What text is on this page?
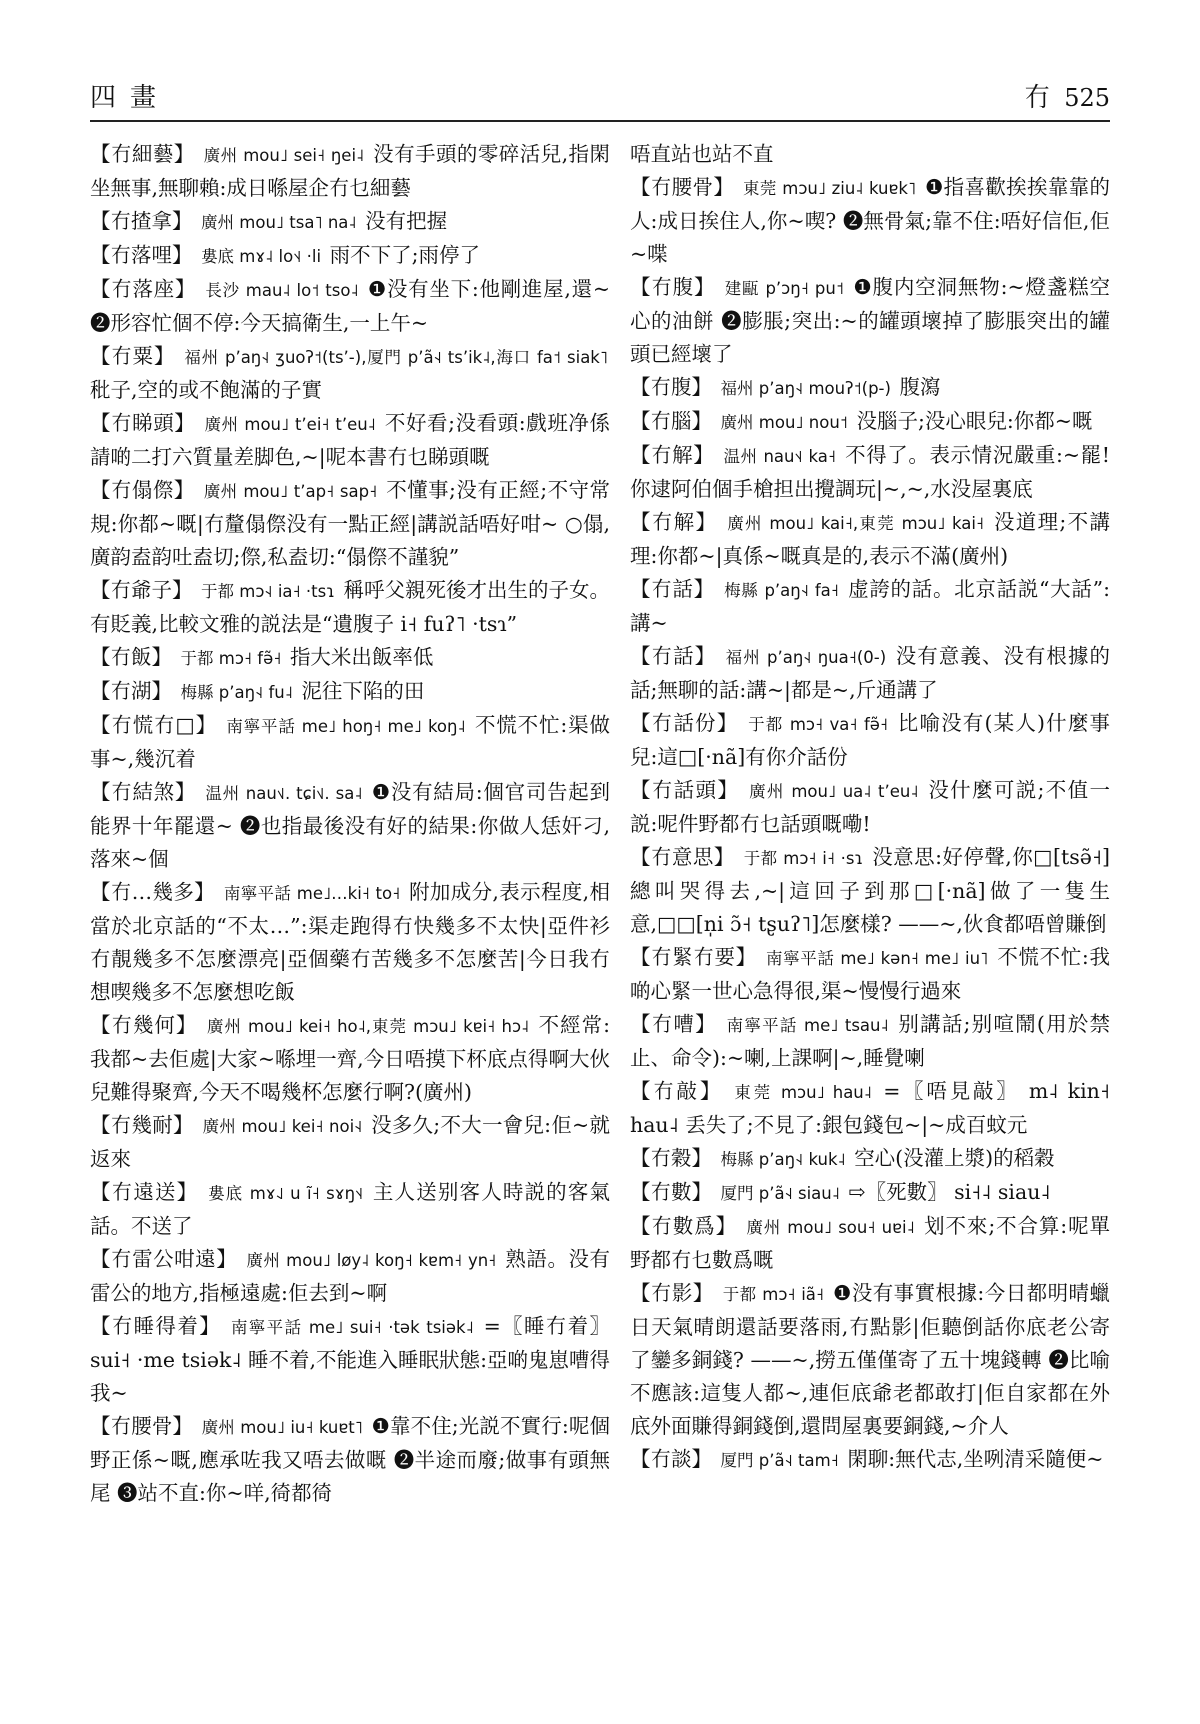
四畫	冇 525

【冇細藝】 廣州 mou˩ sei˧ ŋei˨ 没有手頭的零碎活兒,指閑坐無事,無聊賴:成日喺屋企冇乜細藝

【冇揸拿】 廣州 mou˩ tsa˥ na˨ 没有把握

【冇落哩】 婁底 mɤ˨ lo˦˨ ·li 雨不下了;雨停了

【冇落座】 長沙 mau˨ lo˦ tso˨ ❶没有坐下:他剛進屋,還~ ❷形容忙個不停:今天搞衛生,一上午~

【冇粟】 福州 pʼaŋ˧˨ ʒuoʔ˦(tsʼ-),厦門 pʼã˧˨ tsʼik˨,海口 fa˦ siak˥ 秕子,空的或不飽滿的子實

【冇睇頭】 廣州 mou˩ tʼei˧ tʼeu˨ 不好看;没看頭:戲班净係請啲二打六質量差脚色,~|呢本書冇乜睇頭嘅

【冇傝傺】 廣州 mou˩ tʼap˧ sap˧ 不懂事;没有正經;不守常規:你都~嘅|冇釐傝傺没有一點正經|講説話唔好咁~ ○傝,廣韵盍韵吐盍切;傺,私盍切:“傝傺不謹貌”

【冇爺子】 于都 mɔ˧˨ ia˧ ·tsɿ 稱呼父親死後才出生的子女。有貶義,比較文雅的説法是“遺腹子 i˧ fuʔ˥ ·tsɿ”

【冇飯】 于都 mɔ˧ fə̃˧ 指大米出飯率低

【冇湖】 梅縣 pʼaŋ˧˨ fu˨ 泥往下陷的田

【冇慌冇□】 南寧平話 me˩ hoŋ˧ me˩ koŋ˨ 不慌不忙:渠做事~,幾沉着

【冇結煞】 温州 nau˦˩. tɕi˦˩. sa˨ ❶没有結局:個官司告起到能界十年罷還~ ❷也指最後没有好的結果:你做人恁奸刁,落來~個

【冇…幾多】 南寧平話 me˩…ki˧ to˧ 附加成分,表示程度,相當於北京話的“不太…”:渠走跑得冇快幾多不太快|亞件衫冇靚幾多不怎麼漂亮|亞個藥冇苦幾多不怎麼苦|今日我冇想喫幾多不怎麼想吃飯

【冇幾何】 廣州 mou˩ kei˧ ho˨,東莞 mɔu˩ kɐi˧ hɔ˨ 不經常:我都~去佢處|大家~喺埋一齊,今日唔摸下杯底点得啊大伙兒難得聚齊,今天不喝幾杯怎麼行啊?(廣州)

【冇幾耐】 廣州 mou˩ kei˧ noi˧˨ 没多久;不大一會兒:佢~就返來

【冇遠送】 婁底 mɤ˨˩ u ĩ˧ sɤŋ˦˨ 主人送别客人時説的客氣話。不送了

【冇雷公咁遠】 廣州 mou˩ løy˨ koŋ˧ kɐm˧ yn˧ 熟語。没有雷公的地方,指極遠處:佢去到~啊

【冇睡得着】 南寧平話 me˩ sui˧ ·tək tsiək˨ =〖睡冇着〗 sui˧ ·me tsiək˨ 睡不着,不能進入睡眠狀態:亞啲鬼崽嘈得我~

【冇腰骨】 廣州 mou˩ iu˧ kuɐt˥ ❶靠不住;光説不實行:呢個野正係~嘅,應承咗我又唔去做嘅 ❷半途而廢;做事有頭無尾 ❸站不直:你~咩,徛都徛

唔直站也站不直

【冇腰骨】 東莞 mɔu˩ ziu˨ kuɐk˥ ❶指喜歡挨挨靠靠的人:成日挨住人,你~喫? ❷無骨氣;靠不住:唔好信佢,佢~喋

【冇腹】 建甌 pʼɔŋ˧ pu˦ ❶腹内空洞無物:~燈盞糕空心的油餅 ❷膨脹;突出:~的罐頭壞掉了膨脹突出的罐頭已經壞了

【冇腹】 福州 pʼaŋ˧˨ mouʔ˦(p-) 腹瀉

【冇腦】 廣州 mou˩ nou˦ 没腦子;没心眼兒:你都~嘅

【冇解】 温州 nau˦˨ ka˧ 不得了。表示情況嚴重:~罷!你逮阿伯個手槍担出攪調玩|~,~,水没屋裏底

【冇解】 廣州 mou˩ kai˧,東莞 mɔu˩ kai˧ 没道理;不講理:你都~|真係~嘅真是的,表示不滿(廣州)

【冇話】 梅縣 pʼaŋ˧˨ fa˧ 虚誇的話。北京話説“大話”:講~

【冇話】 福州 pʼaŋ˧˨ ŋua˧(0-) 没有意義、没有根據的話;無聊的話:講~|都是~,斤通講了

【冇話份】 于都 mɔ˧ va˧ fə̃˧ 比喻没有(某人)什麼事兒:這□[·nã]有你介話份

【冇話頭】 廣州 mou˩ ua˨ tʼeu˨ 没什麼可説;不值一説:呢件野都冇乜話頭嘅嘞!

【冇意思】 于都 mɔ˧ i˧ ·sɿ 没意思:好停聲,你□[tsə̃˧]總叫哭得去,~|這回子到那□[·nã]做了一隻生意,□□[n̩i ɔ̃˧ tʂuʔ˥]怎麼樣? ——~,伙食都唔曾賺倒

【冇緊冇要】 南寧平話 me˩ kən˧ me˩ iu˥ 不慌不忙:我啲心緊一世心急得很,渠~慢慢行過來

【冇嘈】 南寧平話 me˩ tsau˨ 别講話;别喧鬧(用於禁止、命令):~喇,上課啊|~,睡覺喇

【冇敲】 東莞 mɔu˩ hau˨ =〖唔見敲〗 m˨ kin˧ hau˨ 丢失了;不見了:銀包錢包~|~成百蚊元

【冇穀】 梅縣 pʼaŋ˧˨ kuk˨ 空心(没灌上漿)的稻穀

【冇數】 厦門 pʼã˧˨ siau˨ ⇨〖死數〗 si˧˨ siau˨

【冇數爲】 廣州 mou˩ sou˧ uɐi˨ 划不來;不合算:呢單野都冇乜數爲嘅

【冇影】 于都 mɔ˧ iã˧ ❶没有事實根據:今日都明晴蠟日天氣晴朗還話要落雨,冇點影|佢聽倒話你底老公寄了鑾多銅錢? ——~,撈五僅僅寄了五十塊錢轉 ❷比喻不應該:這隻人都~,連佢底爺老都敢打|佢自家都在外底外面賺得銅錢倒,還問屋裏要銅錢,~介人

【冇談】 厦門 pʼã˧˨ tam˧ 閑聊:無代志,坐咧清采隨便~
